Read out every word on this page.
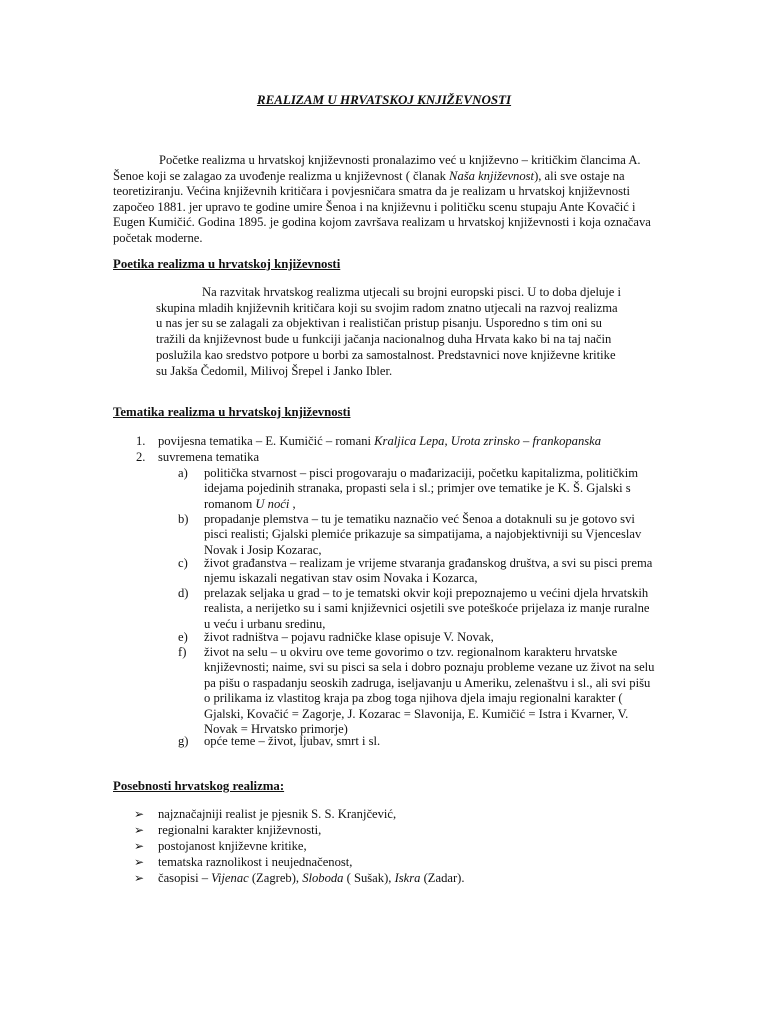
REALIZAM U HRVATSKOJ KNJIŽEVNOSTI
Početke realizma u hrvatskoj književnosti pronalazimo već u književno – kritičkim člancima A. Šenoe koji se zalagao za uvođenje realizma u književnost ( članak Naša književnost), ali sve ostaje na teoretiziranju. Većina književnih kritičara i povjesničara smatra da je realizam u hrvatskoj književnosti započeo 1881. jer upravo te godine umire Šenoa i na književnu i političku scenu stupaju Ante Kovačić i Eugen Kumičić. Godina 1895. je godina kojom završava realizam u hrvatskoj književnosti i koja označava početak moderne.
Poetika realizma u hrvatskoj književnosti
Na razvitak hrvatskog realizma utjecali su brojni europski pisci. U to doba djeluje i skupina mladih književnih kritičara koji su svojim radom znatno utjecali na razvoj realizma u nas jer su se zalagali za objektivan i realističan pristup pisanju. Usporedno s tim oni su tražili da književnost bude u funkciji jačanja nacionalnog duha Hrvata kako bi na taj način poslužila kao sredstvo potpore u borbi za samostalnost. Predstavnici nove književne kritike su Jakša Čedomil, Milivoj Šrepel i Janko Ibler.
Tematika realizma u hrvatskoj književnosti
1. povijesna tematika – E. Kumičić – romani Kraljica Lepa, Urota zrinsko – frankopanska
2. suvremena tematika
a) politička stvarnost – pisci progovaraju o mađarizaciji, početku kapitalizma, političkim idejama pojedinih stranaka, propasti sela i sl.; primjer ove tematike je K. Š. Gjalski s romanom U noći ,
b) propadanje plemstva – tu je tematiku naznačio već Šenoa a dotaknuli su je gotovo svi pisci realisti; Gjalski plemiće prikazuje sa simpatijama, a najobjektivniji su Vjenceslav Novak i Josip Kozarac,
c) život građanstva – realizam je vrijeme stvaranja građanskog društva, a svi su pisci prema njemu iskazali negativan stav osim Novaka i Kozarca,
d) prelazak seljaka u grad – to je tematski okvir koji prepoznajemo u većini djela hrvatskih realista, a nerijetko su i sami književnici osjetili sve poteškoće prijelaza iz manje ruralne u veću i urbanu sredinu,
e) život radništva – pojavu radničke klase opisuje V. Novak,
f) život na selu – u okviru ove teme govorimo o tzv. regionalnom karakteru hrvatske književnosti; naime, svi su pisci sa sela i dobro poznaju probleme vezane uz život na selu pa pišu o raspadanju seoskih zadruga, iseljavanju u Ameriku, zelenaštvu i sl., ali svi pišu o prilikama iz vlastitog kraja pa zbog toga njihova djela imaju regionalni karakter ( Gjalski, Kovačić = Zagorje, J. Kozarac = Slavonija, E. Kumičić = Istra i Kvarner, V. Novak = Hrvatsko primorje)
g) opće teme – život, ljubav, smrt i sl.
Posebnosti hrvatskog realizma:
➢ najznačajniji realist je pjesnik S. S. Kranjčević,
➢ regionalni karakter književnosti,
➢ postojanost književne kritike,
➢ tematska raznolikost i neujednačenost,
➢ časopisi – Vijenac (Zagreb), Sloboda ( Sušak), Iskra (Zadar).
